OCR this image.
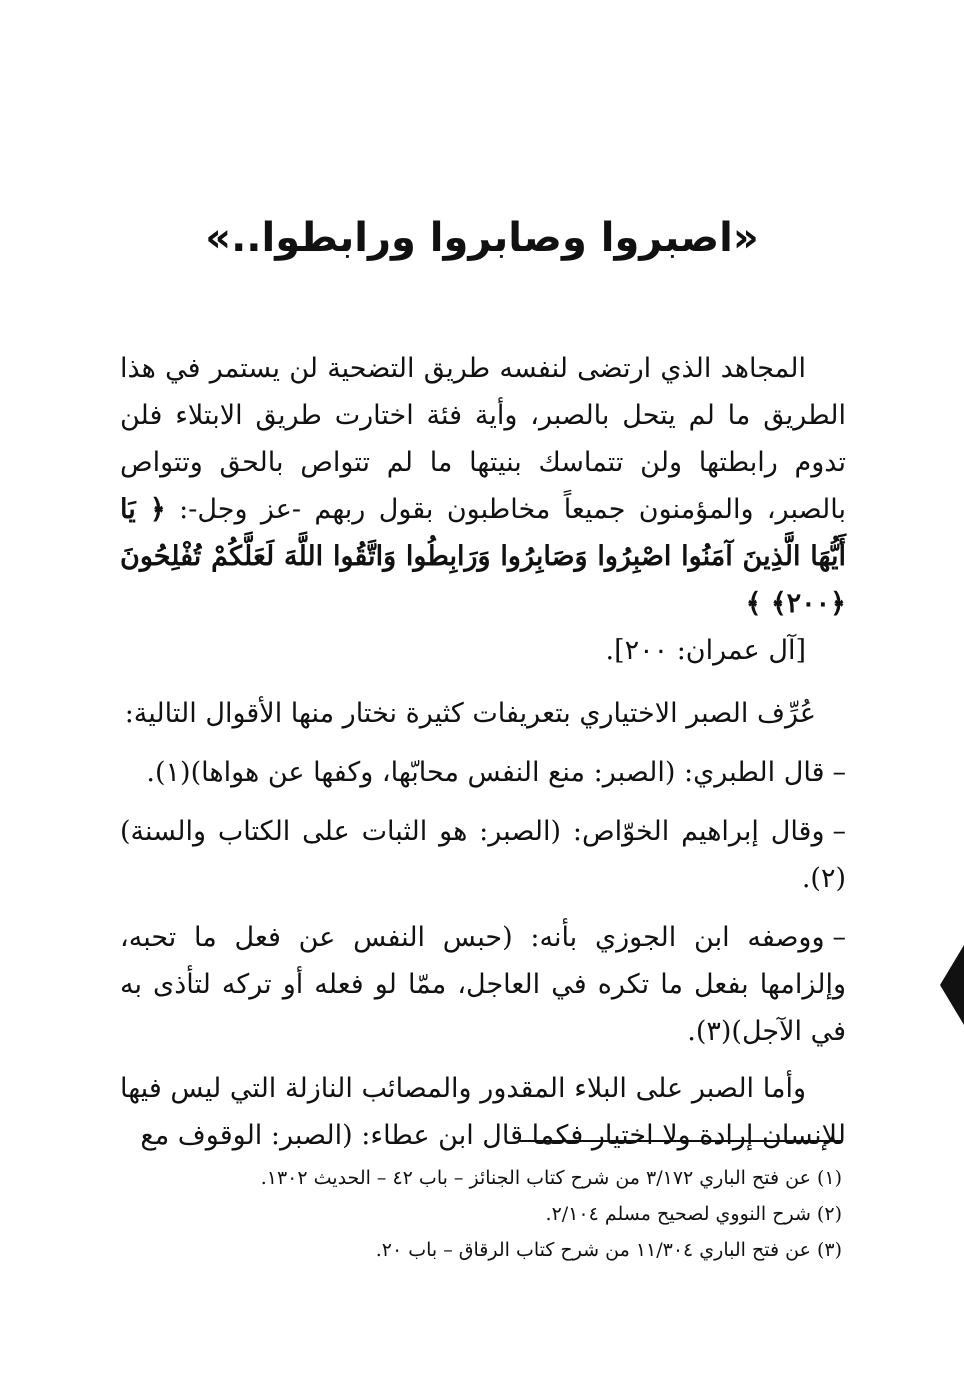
«اصبروا وصابروا ورابطوا..»

المجاهد الذي ارتضى لنفسه طريق التضحية لن يستمر في هذا الطريق ما لم يتحل بالصبر، وأية فئة اختارت طريق الابتلاء فلن تدوم رابطتها ولن تتماسك بنيتها ما لم تتواص بالحق وتتواص بالصبر، والمؤمنون جميعاً مخاطبون بقول ربهم -عز وجل-: ﴿ يَا أَيُّهَا الَّذِينَ آمَنُوا اصْبِرُوا وَصَابِرُوا وَرَابِطُوا وَاتَّقُوا اللَّهَ لَعَلَّكُمْ تُفْلِحُونَ ﴿٢٠٠﴾ ﴾
[آل عمران: ٢٠٠].

عُرِّف الصبر الاختياري بتعريفات كثيرة نختار منها الأقوال التالية:

–قال الطبري: (الصبر: منع النفس محابّها، وكفها عن هواها)(١).

–وقال إبراهيم الخوّاص: (الصبر: هو الثبات على الكتاب والسنة)(٢).

–ووصفه ابن الجوزي بأنه: (حبس النفس عن فعل ما تحبه، وإلزامها بفعل ما تكره في العاجل، ممّا لو فعله أو تركه لتأذى به في الآجل)(٣).

وأما الصبر على البلاء المقدور والمصائب النازلة التي ليس فيها للإنسان إرادة ولا اختيار فكما قال ابن عطاء: (الصبر: الوقوف مع

(١) عن فتح الباري ٣/١٧٢ من شرح كتاب الجنائز – باب ٤٢ – الحديث ١٣٠٢.
(٢) شرح النووي لصحيح مسلم ٢/١٠٤.
(٣) عن فتح الباري ١١/٣٠٤ من شرح كتاب الرقاق – باب ٢٠.
